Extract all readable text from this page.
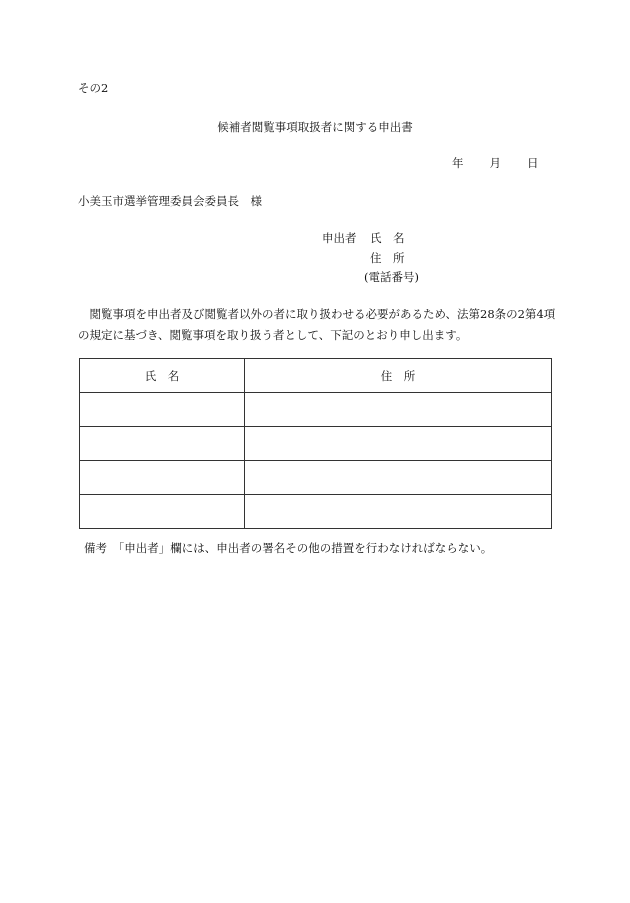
その2
候補者閲覧事項取扱者に関する申出書
年 月 日
小美玉市選挙管理委員会委員長　様
申出者 氏　名
住　所
(電話番号)
　閲覧事項を申出者及び閲覧者以外の者に取り扱わせる必要があるため、法第28条の2第4項の規定に基づき、閲覧事項を取り扱う者として、下記のとおり申し出ます。
氏　名	住　所

備考　「申出者」欄には、申出者の署名その他の措置を行わなければならない。
